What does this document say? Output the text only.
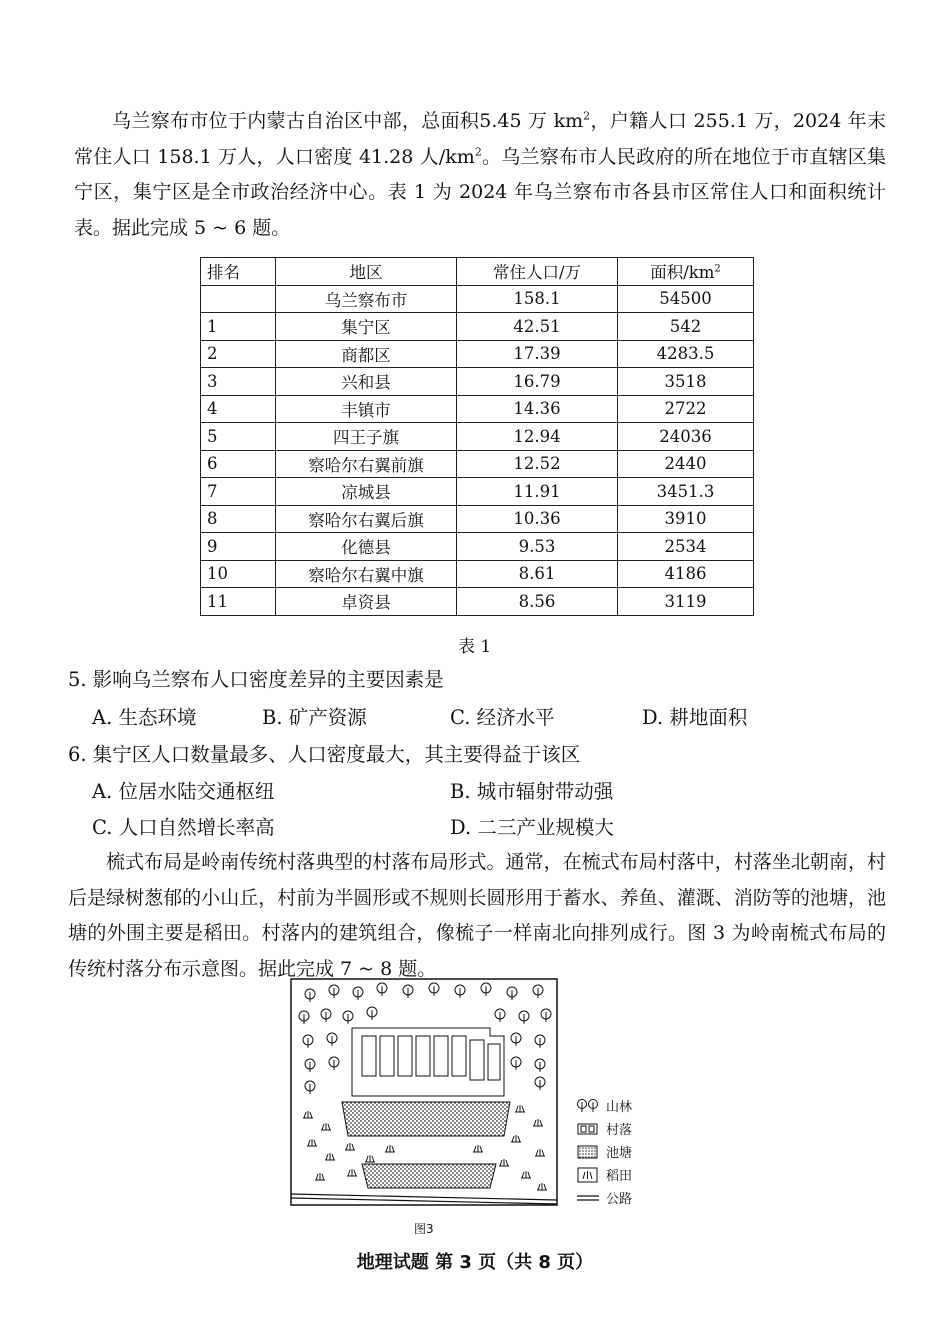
乌兰察布市位于内蒙古自治区中部，总面积5.45 万 $km^2$，户籍人口 255.1 万，2024 年末常住人口 158.1 万人，人口密度 41.28 人$/km^2$。乌兰察布市人民政府的所在地位于市直辖区集宁区，集宁区是全市政治经济中心。表 1 为 2024 年乌兰察布市各县市区常住人口和面积统计表。据此完成 5 ~ 6 题。

排名	地区	常住人口/万	面积$/km^2$
	乌兰察布市	158.1	54500
1	集宁区	42.51	542
2	商都区	17.39	4283.5
3	兴和县	16.79	3518
4	丰镇市	14.36	2722
5	四王子旗	12.94	24036
6	察哈尔右翼前旗	12.52	2440
7	凉城县	11.91	3451.3
8	察哈尔右翼后旗	10.36	3910
9	化德县	9.53	2534
10	察哈尔右翼中旗	8.61	4186
11	卓资县	8.56	3119
表 1
5. 影响乌兰察布人口密度差异的主要因素是
A. 生态环境	B. 矿产资源	C. 经济水平	D. 耕地面积
6. 集宁区人口数量最多、人口密度最大，其主要得益于该区
A. 位居水陆交通枢纽	B. 城市辐射带动强
C. 人口自然增长率高	D. 二三产业规模大

梳式布局是岭南传统村落典型的村落布局形式。通常，在梳式布局村落中，村落坐北朝南，村后是绿树葱郁的小山丘，村前为半圆形或不规则长圆形用于蓄水、养鱼、灌溉、消防等的池塘，池塘的外围主要是稻田。村落内的建筑组合，像梳子一样南北向排列成行。图 3 为岭南梳式布局的传统村落分布示意图。据此完成 7 ~ 8 题。

图3
山林
村落
池塘
稻田
公路
地理试题 第 3 页（共 8 页）
